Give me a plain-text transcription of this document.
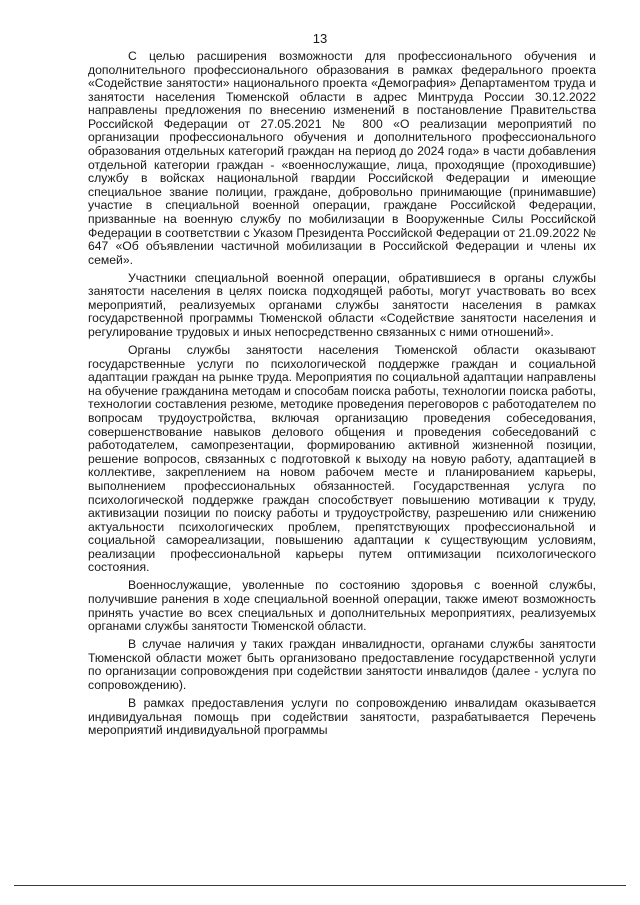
13

С целью расширения возможности для профессионального обучения и дополнительного профессионального образования в рамках федерального проекта «Содействие занятости» национального проекта «Демография» Департаментом труда и занятости населения Тюменской области в адрес Минтруда России 30.12.2022 направлены предложения по внесению изменений в постановление Правительства Российской Федерации от 27.05.2021 № 800 «О реализации мероприятий по организации профессионального обучения и дополнительного профессионального образования отдельных категорий граждан на период до 2024 года» в части добавления отдельной категории граждан - «военнослужащие, лица, проходящие (проходившие) службу в войсках национальной гвардии Российской Федерации и имеющие специальное звание полиции, граждане, добровольно принимающие (принимавшие) участие в специальной военной операции, граждане Российской Федерации, призванные на военную службу по мобилизации в Вооруженные Силы Российской Федерации в соответствии с Указом Президента Российской Федерации от 21.09.2022 № 647 «Об объявлении частичной мобилизации в Российской Федерации и члены их семей».

Участники специальной военной операции, обратившиеся в органы службы занятости населения в целях поиска подходящей работы, могут участвовать во всех мероприятий, реализуемых органами службы занятости населения в рамках государственной программы Тюменской области «Содействие занятости населения и регулирование трудовых и иных непосредственно связанных с ними отношений».

Органы службы занятости населения Тюменской области оказывают государственные услуги по психологической поддержке граждан и социальной адаптации граждан на рынке труда. Мероприятия по социальной адаптации направлены на обучение гражданина методам и способам поиска работы, технологии поиска работы, технологии составления резюме, методике проведения переговоров с работодателем по вопросам трудоустройства, включая организацию проведения собеседования, совершенствование навыков делового общения и проведения собеседований с работодателем, самопрезентации, формированию активной жизненной позиции, решение вопросов, связанных с подготовкой к выходу на новую работу, адаптацией в коллективе, закреплением на новом рабочем месте и планированием карьеры, выполнением профессиональных обязанностей. Государственная услуга по психологической поддержке граждан способствует повышению мотивации к труду, активизации позиции по поиску работы и трудоустройству, разрешению или снижению актуальности психологических проблем, препятствующих профессиональной и социальной самореализации, повышению адаптации к существующим условиям, реализации профессиональной карьеры путем оптимизации психологического состояния.

Военнослужащие, уволенные по состоянию здоровья с военной службы, получившие ранения в ходе специальной военной операции, также имеют возможность принять участие во всех специальных и дополнительных мероприятиях, реализуемых органами службы занятости Тюменской области.

В случае наличия у таких граждан инвалидности, органами службы занятости Тюменской области может быть организовано предоставление государственной услуги по организации сопровождения при содействии занятости инвалидов (далее - услуга по сопровождению).

В рамках предоставления услуги по сопровождению инвалидам оказывается индивидуальная помощь при содействии занятости, разрабатывается Перечень мероприятий индивидуальной программы
